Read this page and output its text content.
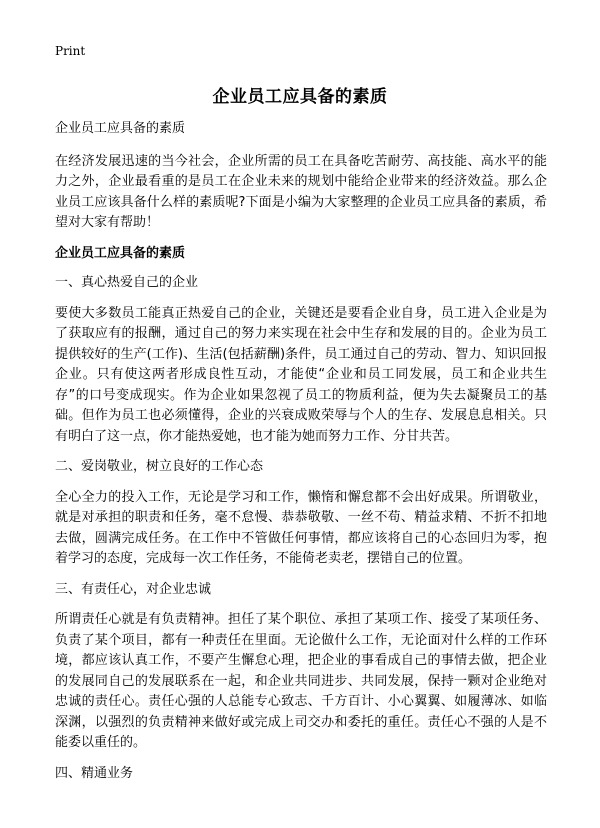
Print
企业员工应具备的素质

企业员工应具备的素质

在经济发展迅速的当今社会，企业所需的员工在具备吃苦耐劳、高技能、高水平的能力之外，企业最看重的是员工在企业未来的规划中能给企业带来的经济效益。那么企业员工应该具备什么样的素质呢?下面是小编为大家整理的企业员工应具备的素质，希望对大家有帮助！

企业员工应具备的素质

一、真心热爱自己的企业

要使大多数员工能真正热爱自己的企业，关键还是要看企业自身，员工进入企业是为了获取应有的报酬，通过自己的努力来实现在社会中生存和发展的目的。企业为员工提供较好的生产(工作)、生活(包括薪酬)条件，员工通过自己的劳动、智力、知识回报企业。只有使这两者形成良性互动，才能使“企业和员工同发展，员工和企业共生存”的口号变成现实。作为企业如果忽视了员工的物质利益，便为失去凝聚员工的基础。但作为员工也必须懂得，企业的兴衰成败荣辱与个人的生存、发展息息相关。只有明白了这一点，你才能热爱她，也才能为她而努力工作、分甘共苦。

二、爱岗敬业，树立良好的工作心态

全心全力的投入工作，无论是学习和工作，懒惰和懈怠都不会出好成果。所谓敬业，就是对承担的职责和任务，毫不怠慢、恭恭敬敬、一丝不苟、精益求精、不折不扣地去做，圆满完成任务。在工作中不管做任何事情，都应该将自己的心态回归为零，抱着学习的态度，完成每一次工作任务，不能倚老卖老，摆错自己的位置。

三、有责任心，对企业忠诚

所谓责任心就是有负责精神。担任了某个职位、承担了某项工作、接受了某项任务、负责了某个项目，都有一种责任在里面。无论做什么工作，无论面对什么样的工作环境，都应该认真工作，不要产生懈怠心理，把企业的事看成自己的事情去做，把企业的发展同自己的发展联系在一起，和企业共同进步、共同发展，保持一颗对企业绝对忠诚的责任心。责任心强的人总能专心致志、千方百计、小心翼翼、如履薄冰、如临深渊，以强烈的负责精神来做好或完成上司交办和委托的重任。责任心不强的人是不能委以重任的。

四、精通业务
